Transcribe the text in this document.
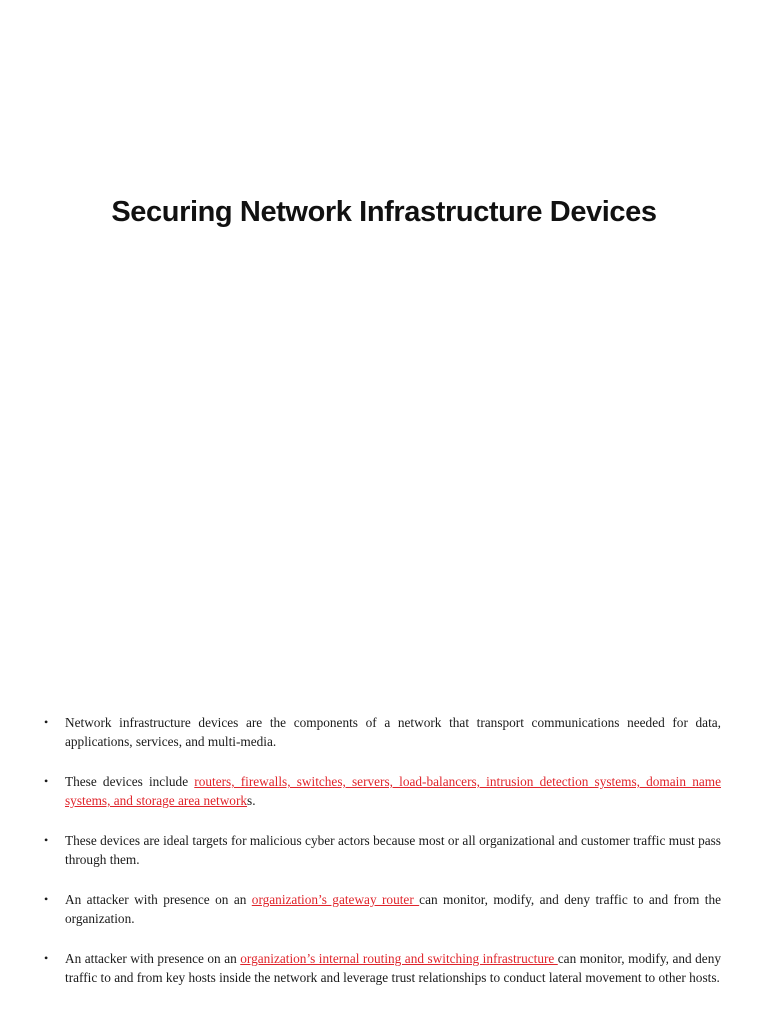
Securing Network Infrastructure Devices
• Network infrastructure devices are the components of a network that transport communications needed for data, applications, services, and multi-media.
• These devices include routers, firewalls, switches, servers, load-balancers, intrusion detection systems, domain name systems, and storage area networks.
• These devices are ideal targets for malicious cyber actors because most or all organizational and customer traffic must pass through them.
• An attacker with presence on an organization’s gateway router can monitor, modify, and deny traffic to and from the organization.
• An attacker with presence on an organization’s internal routing and switching infrastructure can monitor, modify, and deny traffic to and from key hosts inside the network and leverage trust relationships to conduct lateral movement to other hosts.
